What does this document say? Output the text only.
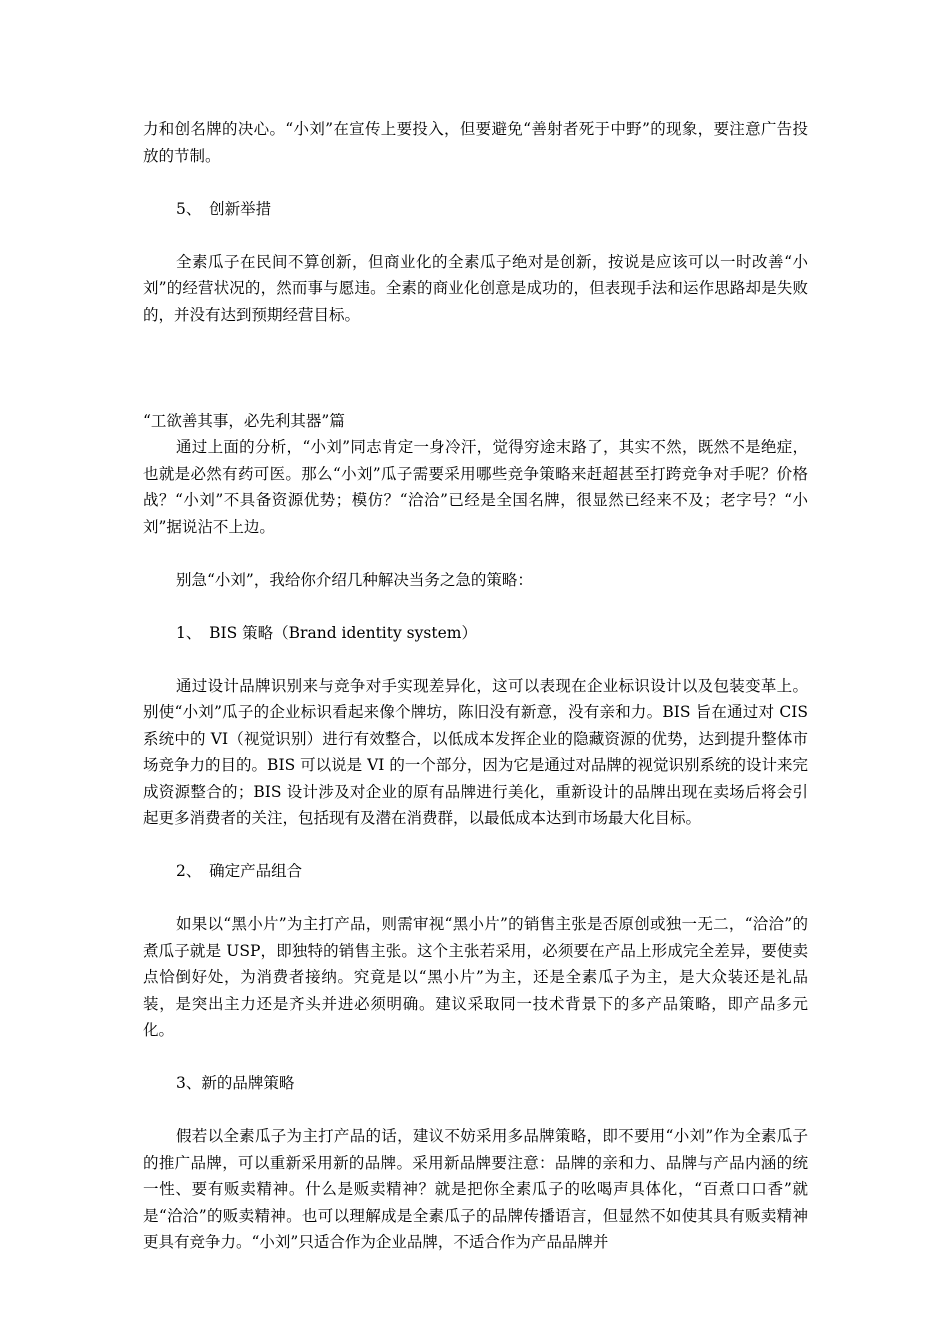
力和创名牌的决心。“小刘”在宣传上要投入，但要避免“善射者死于中野”的现象，要注意广告投放的节制。

5、　创新举措

全素瓜子在民间不算创新，但商业化的全素瓜子绝对是创新，按说是应该可以一时改善“小刘”的经营状况的，然而事与愿违。全素的商业化创意是成功的，但表现手法和运作思路却是失败的，并没有达到预期经营目标。

“工欲善其事，必先利其器”篇

通过上面的分析，“小刘”同志肯定一身冷汗，觉得穷途末路了，其实不然，既然不是绝症，也就是必然有药可医。那么“小刘”瓜子需要采用哪些竞争策略来赶超甚至打跨竞争对手呢？价格战？“小刘”不具备资源优势；模仿？“洽洽”已经是全国名牌，很显然已经来不及；老字号？“小刘”据说沾不上边。

别急“小刘”，我给你介绍几种解决当务之急的策略：

1、　BIS 策略（Brand identity system）

通过设计品牌识别来与竞争对手实现差异化，这可以表现在企业标识设计以及包装变革上。别使“小刘”瓜子的企业标识看起来像个牌坊，陈旧没有新意，没有亲和力。BIS 旨在通过对 CIS 系统中的 VI（视觉识别）进行有效整合，以低成本发挥企业的隐藏资源的优势，达到提升整体市场竞争力的目的。BIS 可以说是 VI 的一个部分，因为它是通过对品牌的视觉识别系统的设计来完成资源整合的；BIS 设计涉及对企业的原有品牌进行美化，重新设计的品牌出现在卖场后将会引起更多消费者的关注，包括现有及潜在消费群，以最低成本达到市场最大化目标。

2、　确定产品组合

如果以“黑小片”为主打产品，则需审视“黑小片”的销售主张是否原创或独一无二，“洽洽”的煮瓜子就是 USP，即独特的销售主张。这个主张若采用，必须要在产品上形成完全差异，要使卖点恰倒好处，为消费者接纳。究竟是以“黑小片”为主，还是全素瓜子为主，是大众装还是礼品装，是突出主力还是齐头并进必须明确。建议采取同一技术背景下的多产品策略，即产品多元化。

3、新的品牌策略

假若以全素瓜子为主打产品的话，建议不妨采用多品牌策略，即不要用“小刘”作为全素瓜子的推广品牌，可以重新采用新的品牌。采用新品牌要注意：品牌的亲和力、品牌与产品内涵的统一性、要有贩卖精神。什么是贩卖精神？就是把你全素瓜子的吆喝声具体化，“百煮口口香”就是“洽洽”的贩卖精神。也可以理解成是全素瓜子的品牌传播语言，但显然不如使其具有贩卖精神更具有竞争力。“小刘”只适合作为企业品牌，不适合作为产品品牌并
